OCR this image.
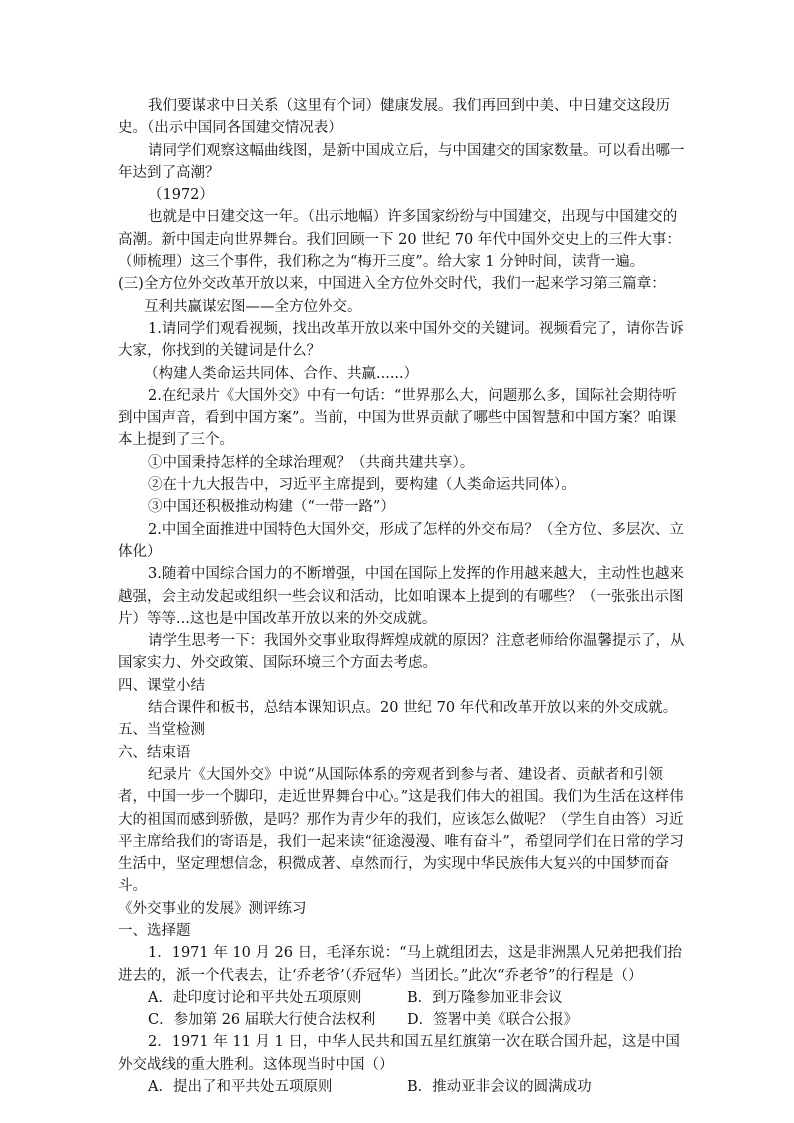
我们要谋求中日关系（这里有个词）健康发展。我们再回到中美、中日建交这段历史。（出示中国同各国建交情况表）

请同学们观察这幅曲线图，是新中国成立后，与中国建交的国家数量。可以看出哪一年达到了高潮？

（1972）

也就是中日建交这一年。（出示地幅）许多国家纷纷与中国建交，出现与中国建交的高潮。新中国走向世界舞台。我们回顾一下 20 世纪 70 年代中国外交史上的三件大事：（师梳理）这三个事件，我们称之为“梅开三度”。给大家 1 分钟时间，读背一遍。

(三)全方位外交改革开放以来，中国进入全方位外交时代，我们一起来学习第三篇章：

互利共赢谋宏图——全方位外交。

1.请同学们观看视频，找出改革开放以来中国外交的关键词。视频看完了，请你告诉大家，你找到的关键词是什么？

（构建人类命运共同体、合作、共赢......）

2.在纪录片《大国外交》中有一句话：“世界那么大，问题那么多，国际社会期待听到中国声音，看到中国方案”。当前，中国为世界贡献了哪些中国智慧和中国方案？咱课本上提到了三个。

①中国秉持怎样的全球治理观？（共商共建共享）。

②在十九大报告中，习近平主席提到，要构建（人类命运共同体）。

③中国还积极推动构建（“一带一路”）

2.中国全面推进中国特色大国外交，形成了怎样的外交布局？（全方位、多层次、立体化）

3.随着中国综合国力的不断增强，中国在国际上发挥的作用越来越大，主动性也越来越强，会主动发起或组织一些会议和活动，比如咱课本上提到的有哪些？（一张张出示图片）等等...这也是中国改革开放以来的外交成就。

请学生思考一下：我国外交事业取得辉煌成就的原因？注意老师给你温馨提示了，从国家实力、外交政策、国际环境三个方面去考虑。

四、课堂小结

结合课件和板书，总结本课知识点。20 世纪 70 年代和改革开放以来的外交成就。五、当堂检测

六、结束语

纪录片《大国外交》中说“从国际体系的旁观者到参与者、建设者、贡献者和引领者，中国一步一个脚印，走近世界舞台中心。”这是我们伟大的祖国。我们为生活在这样伟大的祖国而感到骄傲，是吗？那作为青少年的我们，应该怎么做呢？（学生自由答）习近平主席给我们的寄语是，我们一起来读“征途漫漫、唯有奋斗”，希望同学们在日常的学习生活中，坚定理想信念，积微成著、卓然而行，为实现中华民族伟大复兴的中国梦而奋斗。

《外交事业的发展》测评练习

一、选择题

1．1971 年 10 月 26 日，毛泽东说：“马上就组团去，这是非洲黑人兄弟把我们抬进去的，派一个代表去，让‘乔老爷’（乔冠华）当团长。”此次“乔老爷”的行程是（）

A．赴印度讨论和平共处五项原则	B．到万隆参加亚非会议
C．参加第 26 届联大行使合法权利	D．签署中美《联合公报》

2．1971 年 11 月 1 日，中华人民共和国五星红旗第一次在联合国升起，这是中国外交战线的重大胜利。这体现当时中国（）

A．提出了和平共处五项原则	B．推动亚非会议的圆满成功
